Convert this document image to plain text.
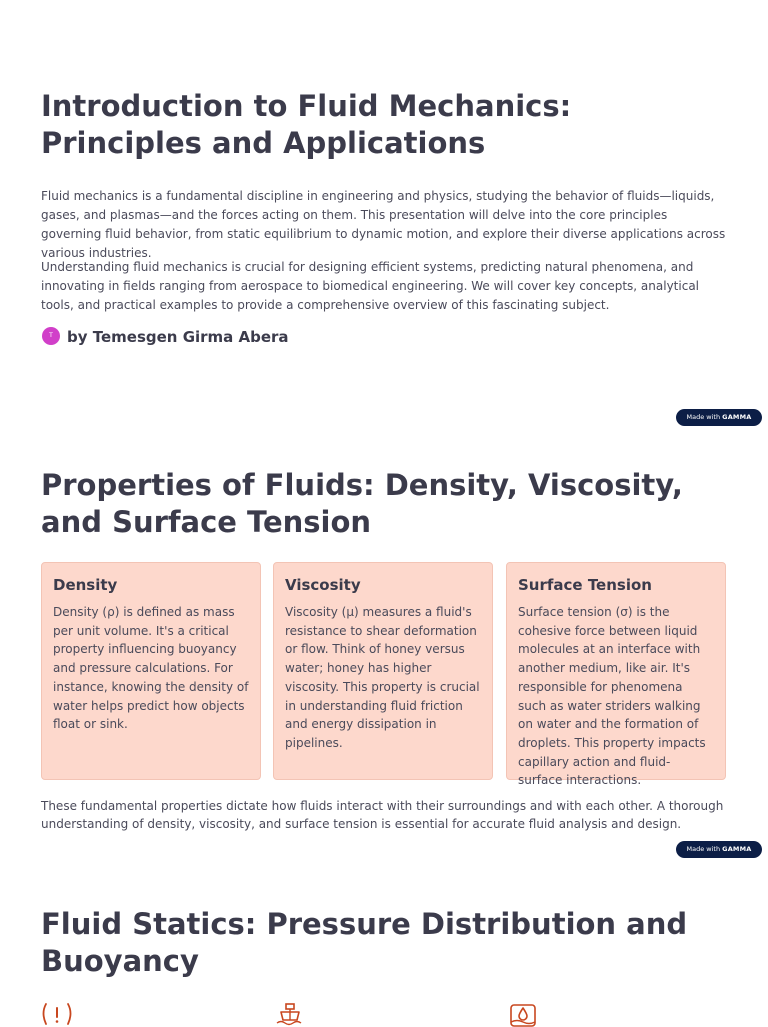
Introduction to Fluid Mechanics:
Principles and Applications

Fluid mechanics is a fundamental discipline in engineering and physics, studying the behavior of fluids—liquids, gases, and plasmas—and the forces acting on them. This presentation will delve into the core principles governing fluid behavior, from static equilibrium to dynamic motion, and explore their diverse applications across various industries.

Understanding fluid mechanics is crucial for designing efficient systems, predicting natural phenomena, and innovating in fields ranging from aerospace to biomedical engineering. We will cover key concepts, analytical tools, and practical examples to provide a comprehensive overview of this fascinating subject.

T by Temesgen Girma Abera
Made with GAMMA
Properties of Fluids: Density, Viscosity,
and Surface Tension
Density

Density (ρ) is defined as mass per unit volume. It's a critical property influencing buoyancy and pressure calculations. For instance, knowing the density of water helps predict how objects float or sink.

Viscosity

Viscosity (μ) measures a fluid's resistance to shear deformation or flow. Think of honey versus water; honey has higher viscosity. This property is crucial in understanding fluid friction and energy dissipation in pipelines.

Surface Tension

Surface tension (σ) is the cohesive force between liquid molecules at an interface with another medium, like air. It's responsible for phenomena such as water striders walking on water and the formation of droplets. This property impacts capillary action and fluid-surface interactions.

These fundamental properties dictate how fluids interact with their surroundings and with each other. A thorough understanding of density, viscosity, and surface tension is essential for accurate fluid analysis and design.

Made with GAMMA
Fluid Statics: Pressure Distribution and
Buoyancy
